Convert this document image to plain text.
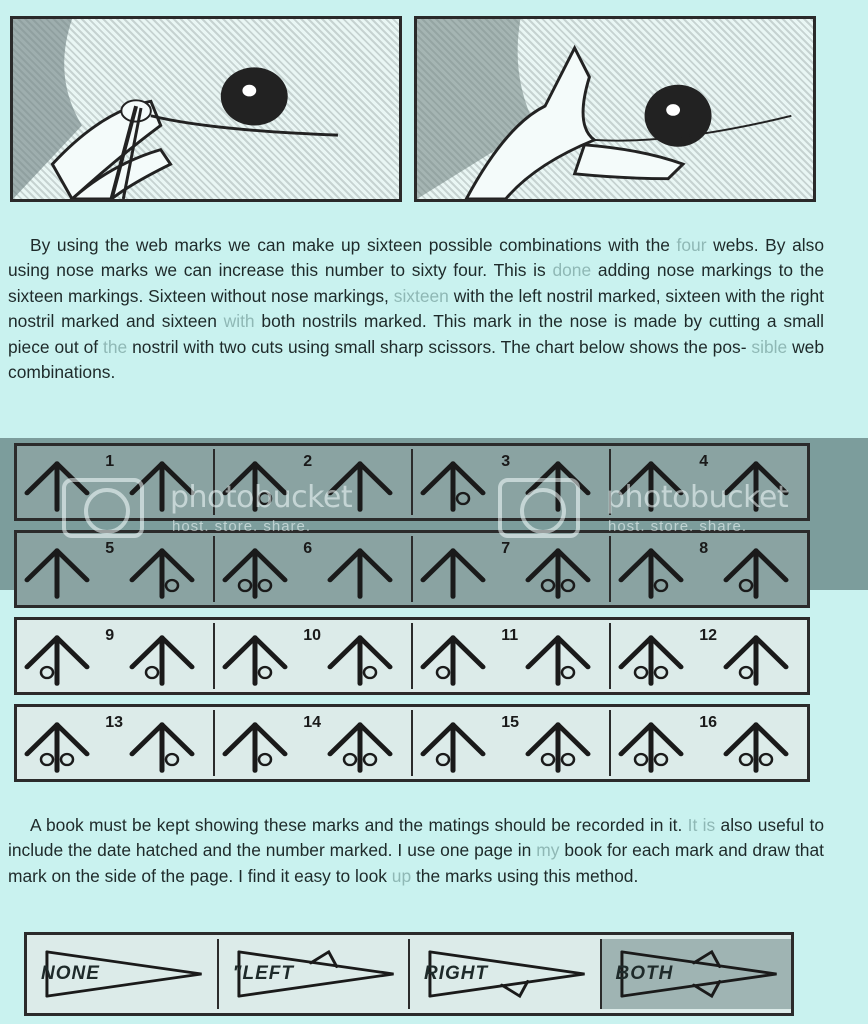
By using the web marks we can make up sixteen possible combinations with the four webs. By also using nose marks we can increase this number to sixty four. This is done adding nose markings to the sixteen markings. Sixteen without nose markings, sixteen with the left nostril marked, sixteen with the right nostril marked and sixteen with both nostrils marked. This mark in the nose is made by cutting a small piece out of the nostril with two cuts using small sharp scissors. The chart below shows the pos- sible web combinations.

1	2	3	4
5	6	7	8
9	10	11	12
13	14	15	16
photobucket
host. store. share.
photobucket
host. store. share.

A book must be kept showing these marks and the matings should be recorded in it. It is also useful to include the date hatched and the number marked. I use one page in my book for each mark and draw that mark on the side of the page. I find it easy to look up the marks using this method.

NONE	"LEFT	RIGHT	BOTH
